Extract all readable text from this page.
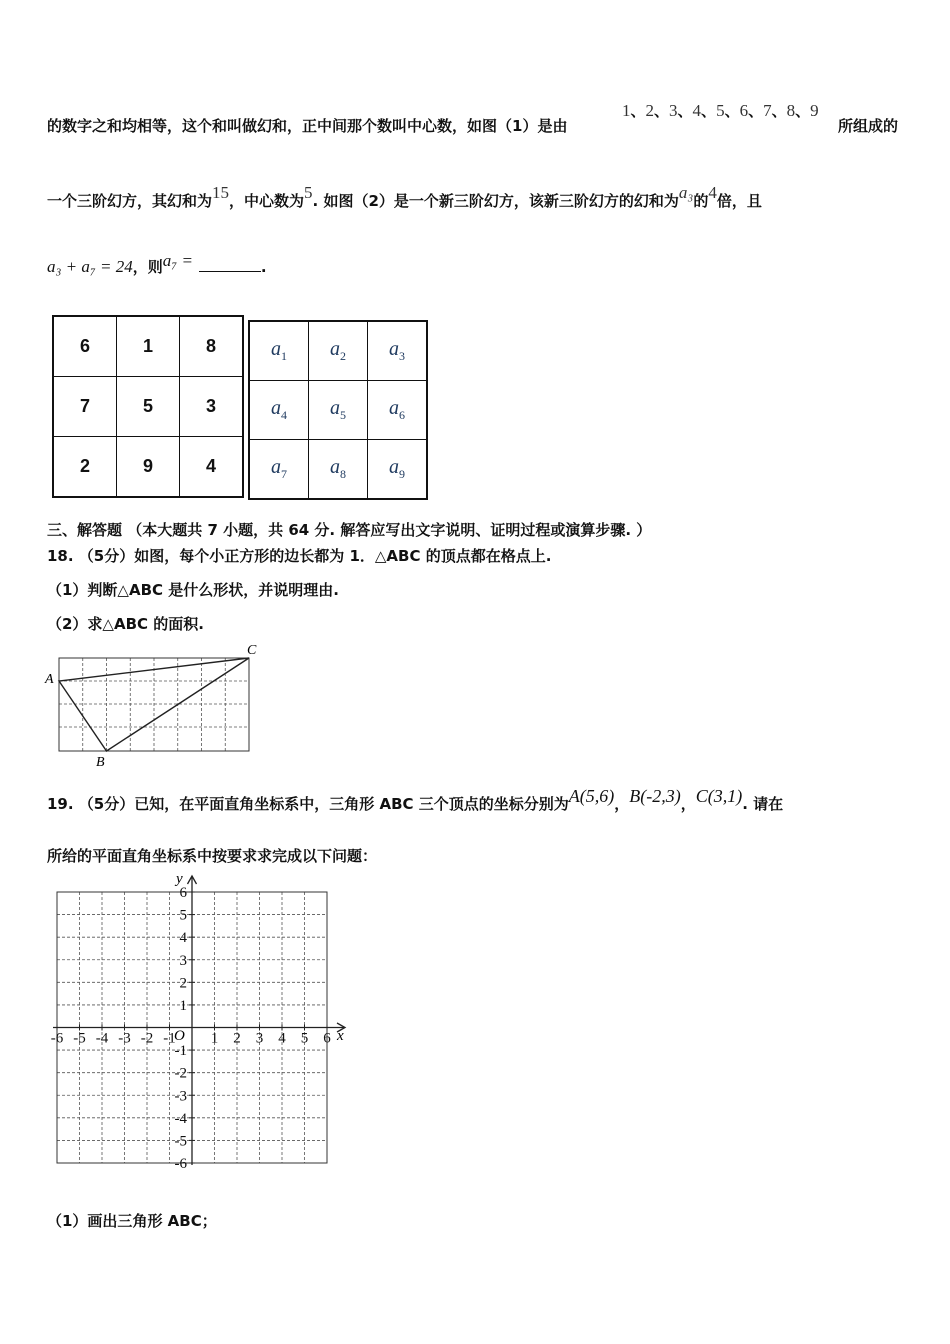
的数字之和均相等，这个和叫做幻和，正中间那个数叫中心数，如图（1）是由
1、2、3、4、5、6、7、8、9
所组成的
一个三阶幻方，其幻和为15，中心数为5. 如图（2）是一个新三阶幻方，该新三阶幻方的幻和为a₃的4倍，且
a₃ + a₇ = 24，则a₇ =	.
6	1	8
7	5	3
2	9	4
$a_1$	$a_2$	$a_3$
$a_4$	$a_5$	$a_6$
$a_7$	$a_8$	$a_9$
三、解答题 （本大题共 7 小题，共 64 分. 解答应写出文字说明、证明过程或演算步骤. ）
18. （5分）如图，每个小正方形的边长都为 1．△ABC 的顶点都在格点上.
（1）判断△ABC 是什么形状，并说明理由.
（2）求△ABC 的面积.
A
B
C
19. （5分）已知，在平面直角坐标系中，三角形 ABC 三个顶点的坐标分别为A(5,6)，B(-2,3)，C(3,1). 请在
所给的平面直角坐标系中按要求求完成以下问题：
-6 -5 -4 -3 -2 -1 1 2 3 4 5 6
6
5
4
3
2
1
-1
-2
-3
-4
-5
-6
y
x
O
（1）画出三角形 ABC；
